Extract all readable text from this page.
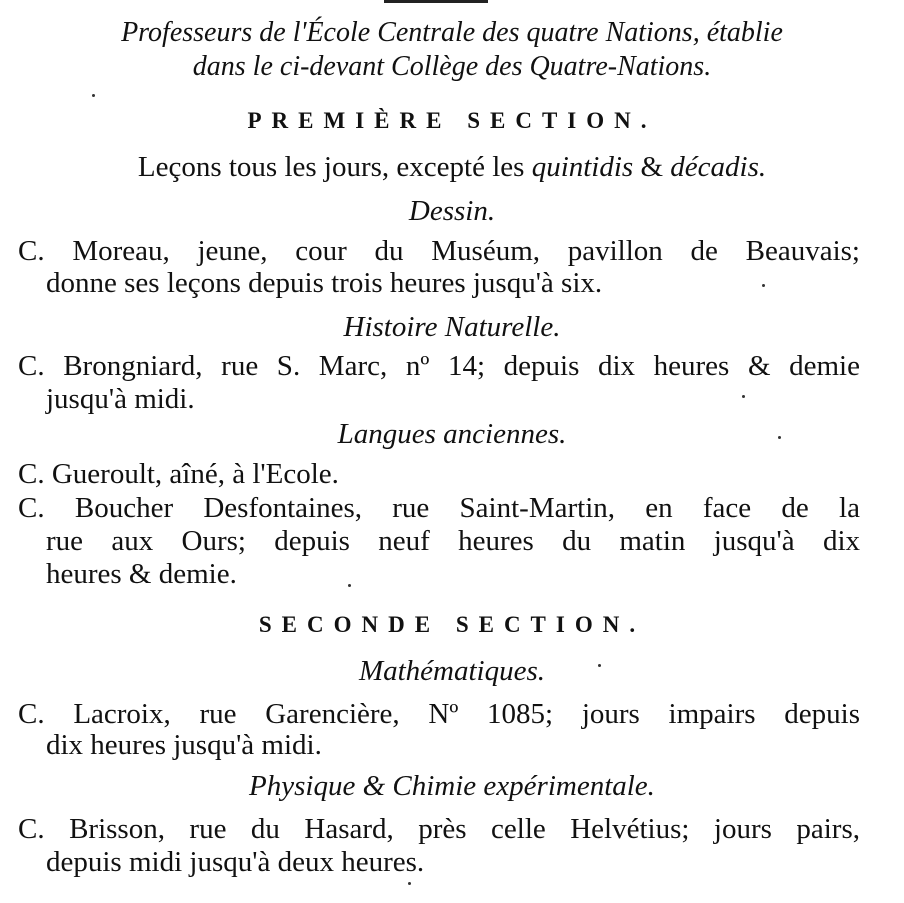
Professeurs de l'École Centrale des quatre Nations, établie
dans le ci-devant Collège des Quatre-Nations.
PREMIÈRE SECTION.
Leçons tous les jours, excepté les quintidis & décadis.
Dessin.
C. Moreau, jeune, cour du Muséum, pavillon de Beauvais;
donne ses leçons depuis trois heures jusqu'à six.
Histoire Naturelle.
C. Brongniard, rue S. Marc, nº 14; depuis dix heures & demie
jusqu'à midi.
Langues anciennes.
C. Gueroult, aîné, à l'Ecole.
C. Boucher Desfontaines, rue Saint-Martin, en face de la
rue aux Ours; depuis neuf heures du matin jusqu'à dix
heures & demie.
SECONDE SECTION.
Mathématiques.
C. Lacroix, rue Garencière, Nº 1085; jours impairs depuis
dix heures jusqu'à midi.
Physique & Chimie expérimentale.
C. Brisson, rue du Hasard, près celle Helvétius; jours pairs,
depuis midi jusqu'à deux heures.
